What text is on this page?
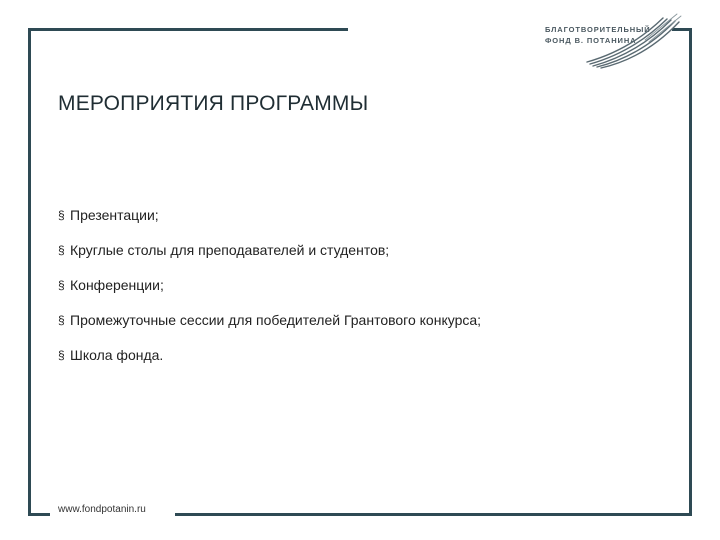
БЛАГОТВОРИТЕЛЬНЫЙ
ФОНД В. ПОТАНИНА
МЕРОПРИЯТИЯ ПРОГРАММЫ
§ Презентации;
§ Круглые столы для преподавателей и студентов;
§ Конференции;
§ Промежуточные сессии для победителей Грантового конкурса;
§ Школа фонда.
www.fondpotanin.ru
